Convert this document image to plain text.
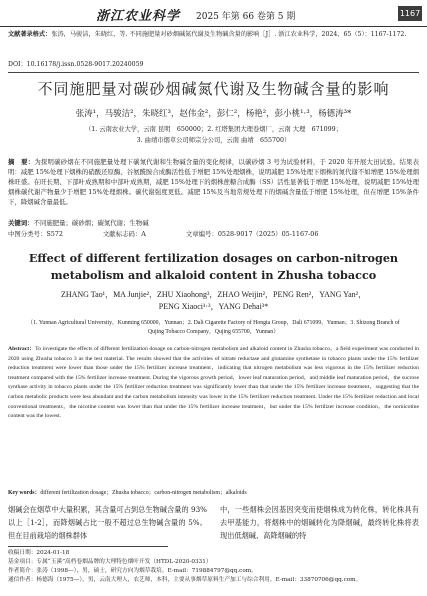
浙江农业科学 2025 年第 66 卷第 5 期	1167
文献著录格式：张涛，马骏洁，朱晓红，等. 不同施肥量对砂烟碱氮代谢及生物碱含量的影响［J］. 浙江农业科学，2024，65（5）：1167-1172.
DOI：10.16178/j.issn.0528-9017.20240059
不同施肥量对碳砂烟碱氮代谢及生物碱含量的影响
张涛¹，马骏洁²，朱晓红³，赵伟金²，彭仁²，杨艳²，彭小桃¹·³，杨德涛³*
（1. 云南农业大学，云南 昆明　650000；2. 红塔集团大理卷烟厂，云南 大理　671099；
3. 曲靖市烟草公司师宗分公司，云南 曲靖　655700）
摘　要：为探明碳砂烟在不同施肥量处理下碳氮代谢和生物碱含量的变化规律，以碳砂烟 3 号为试验材料，于 2020 年开展大田试验。结果表明：减肥 15%处理下烟株的硝酸还原酶、谷氨酰胺合成酶活性低于增肥 15%处理烟株，说明减肥 15%处理下烟株的氮代谢不如增肥 15%处理烟株旺盛。在旺长期、下部叶成熟期和中部叶成熟期，减肥 15%处理下的烟株蔗糖合成酶（SS）活性显著低于增肥 15%处理，说明减肥 15%处理烟株碳代谢产物量少于增肥 15%处理烟株。碳代谢强度更低。减肥 15%及当地常规处理下的烟碱含量低于增肥 15%处理，但在增肥 15%条件下，降烟碱含量最低。
关键词：不同施肥量；碳砂烟；碳氮代谢；生物碱
中图分类号：S572	文献标志码：A	文章编号：0528-9017（2025）05-1167-06
Effect of different fertilization dosages on carbon-nitrogen metabolism and alkaloid content in Zhusha tobacco
ZHANG Tao¹，MA Junjie²，ZHU Xiaohong³，ZHAO Weijin²，PENG Ren²，YANG Yan²，
PENG Xiaoci¹·³，YANG Dehai³*
（1. Yunnan Agricultural University，Kunming 650000，Yunnan；2. Dali Cigarette Factory of Hongta Group，Dali 671099，Yunnan；3. Shizong Branch of Qujing Tobacco Company，Qujing 655700，Yunnan）
Abstract：To investigate the effects of different fertilization dosage on carbon-nitrogen metabolism and alkaloid content in Zhusha tobacco，a field experiment was conducted in 2020 using Zhusha tobacco 3 as the test material. The results showed that the activities of nitrate reductase and glutamine synthetase in tobacco plants under the 15% fertilizer reduction treatment were lower than those under the 15% fertilizer increase treatment，indicating that nitrogen metabolism was less vigorous in the 15% fertilizer reduction treatment compared with the 15% fertilizer increase treatment. During the vigorous growth period，lower leaf maturation period，and middle leaf maturation period，the sucrose synthase activity in tobacco plants under the 15% fertilizer reduction treatment was significantly lower than that under the 15% fertilizer increase treatment，suggesting that the carbon metabolic products were less abundant and the carbon metabolism intensity was lower in the 15% fertilizer reduction treatment. Under the 15% fertilizer reduction and local conventional treatments，the nicotine content was lower than that under the 15% fertilizer increase treatment，but under the 15% fertilizer increase condition，the nornicotine content was the lowest.
Key words：different fertilization dosage；Zhusha tobacco；carbon-nitrogen metabolism；alkaloids
烟碱会在烟草中大量积累，其含量可占到总生物碱含量的 93%以上［1-2］，而降烟碱占比一般不超过总生物碱含量的 5%。但在目前栽培的烟株群体
中，一些烟株会因基因突变而使烟株成为转化株，转化株具有去甲基能力，将烟株中的烟碱转化为降烟碱，最终转化株将表现出低烟碱、高降烟碱的特
收稿日期：2024-01-18
基金项目：专属“玉溪”高档卷烟品牌的大理特色烟叶开发（HTDL-2020-0331）
作者简介：张涛（1998—），男，硕士，研究方向为烟草栽培。E-mail：719884797@qq.com。
通信作者：杨德海（1975—），男，云南大理人，农艺师，本科，主要从事烟草原料生产加工与综合利用。E-mail：33870706@qq.com。
